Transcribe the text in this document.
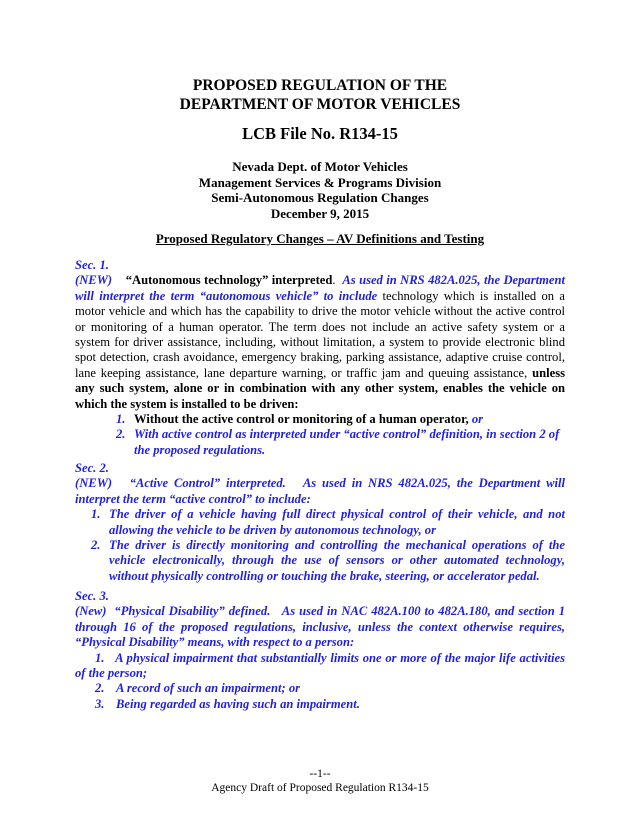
PROPOSED REGULATION OF THE
DEPARTMENT OF MOTOR VEHICLES
LCB File No. R134-15
Nevada Dept. of Motor Vehicles
Management Services & Programs Division
Semi-Autonomous Regulation Changes
December 9, 2015
Proposed Regulatory Changes – AV Definitions and Testing

Sec. 1.

(NEW) “Autonomous technology” interpreted. As used in NRS 482A.025, the Department will interpret the term “autonomous vehicle” to include technology which is installed on a motor vehicle and which has the capability to drive the motor vehicle without the active control or monitoring of a human operator. The term does not include an active safety system or a system for driver assistance, including, without limitation, a system to provide electronic blind spot detection, crash avoidance, emergency braking, parking assistance, adaptive cruise control, lane keeping assistance, lane departure warning, or traffic jam and queuing assistance, unless any such system, alone or in combination with any other system, enables the vehicle on which the system is installed to be driven:

1. Without the active control or monitoring of a human operator, or
2. With active control as interpreted under “active control” definition, in section 2 of the proposed regulations.

Sec. 2.

(NEW)   “Active Control” interpreted.   As used in NRS 482A.025, the Department will interpret the term “active control” to include:

1. The driver of a vehicle having full direct physical control of their vehicle, and not allowing the vehicle to be driven by autonomous technology, or
2. The driver is directly monitoring and controlling the mechanical operations of the vehicle electronically, through the use of sensors or other automated technology, without physically controlling or touching the brake, steering, or accelerator pedal.

Sec. 3.

(New)  “Physical Disability” defined.   As used in NAC 482A.100 to 482A.180, and section 1 through 16 of the proposed regulations, inclusive, unless the context otherwise requires, “Physical Disability” means, with respect to a person:

1.   A physical impairment that substantially limits one or more of the major life activities of the person;

2. A record of such an impairment; or
3. Being regarded as having such an impairment.
--1--
Agency Draft of Proposed Regulation R134-15
